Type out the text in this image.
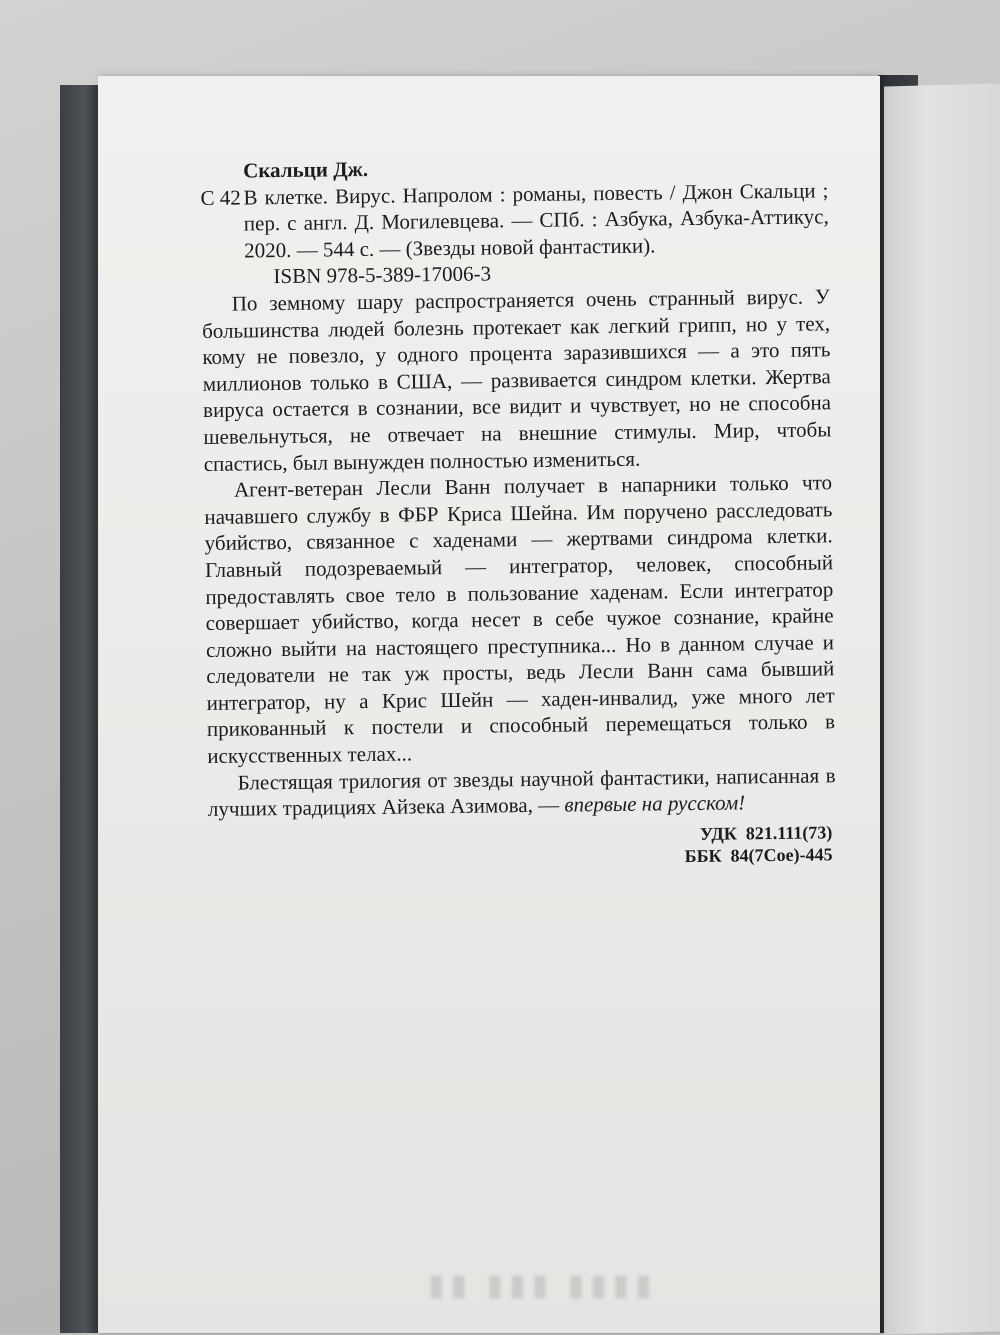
▮▮ ▮▮▮ ▮▮▮▮

Скальци Дж.

С 42 В клетке. Вирус. Напролом : романы, повесть / Джон Скальци ; пер. с англ. Д. Могилевцева. — СПб. : Азбука, Азбука-Аттикус, 2020. — 544 с. — (Звезды новой фантастики).

ISBN 978-5-389-17006-3

По земному шару распространяется очень странный вирус. У большинства людей болезнь протекает как легкий грипп, но у тех, кому не повезло, у одного процента заразившихся — а это пять миллионов только в США, — развивается синдром клетки. Жертва вируса остается в сознании, все видит и чувствует, но не способна шевельнуться, не отвечает на внешние стимулы. Мир, чтобы спастись, был вынужден полностью измениться.

Агент-ветеран Лесли Ванн получает в напарники только что начавшего службу в ФБР Криса Шейна. Им поручено расследовать убийство, связанное с хаденами — жертвами синдрома клетки. Главный подозреваемый — интегратор, человек, способный предоставлять свое тело в пользование хаденам. Если интегратор совершает убийство, когда несет в себе чужое сознание, крайне сложно выйти на настоящего преступника... Но в данном случае и следователи не так уж просты, ведь Лесли Ванн сама бывший интегратор, ну а Крис Шейн — хаден-инвалид, уже много лет прикованный к постели и способный перемещаться только в искусственных телах...

Блестящая трилогия от звезды научной фантастики, написанная в лучших традициях Айзека Азимова, — впервые на русском!

УДК  821.111(73)
ББК  84(7Сое)-445
